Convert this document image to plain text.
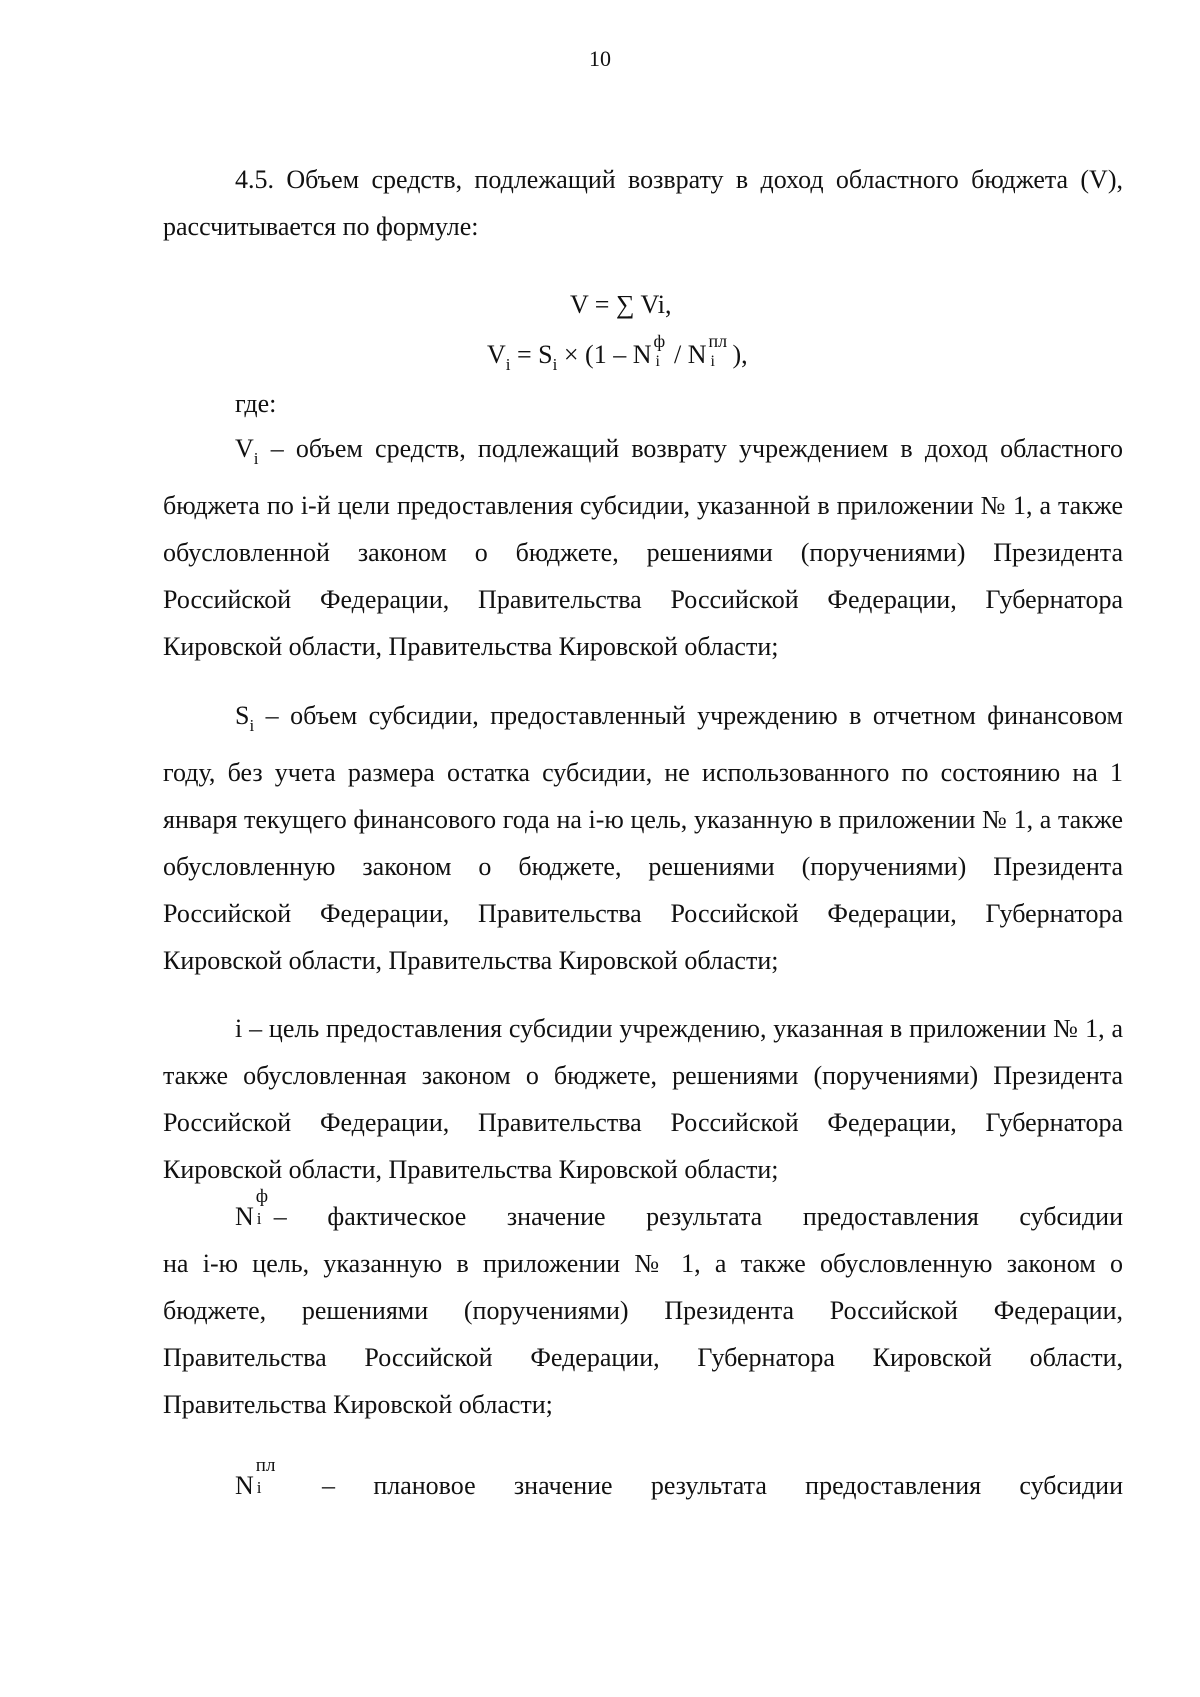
10

4.5. Объем средств, подлежащий возврату в доход областного бюджета (V), рассчитывается по формуле:

V = ∑ Vi,
$V_i = S_i \times (1 - N$ ф
i / N пл
i ),

где:

$V_i$ – объем средств, подлежащий возврату учреждением в доход областного бюджета по i-й цели предоставления субсидии, указанной в приложении № 1, а также обусловленной законом о бюджете, решениями (поручениями) Президента Российской Федерации, Правительства Российской Федерации, Губернатора Кировской области, Правительства Кировской области;

$S_i$ – объем субсидии, предоставленный учреждению в отчетном финансовом году, без учета размера остатка субсидии, не использованного по состоянию на 1 января текущего финансового года на i-ю цель, указанную в приложении № 1, а также обусловленную законом о бюджете, решениями (поручениями) Президента Российской Федерации, Правительства Российской Федерации, Губернатора Кировской области, Правительства Кировской области;

i – цель предоставления субсидии учреждению, указанная в приложении № 1, а также обусловленная законом о бюджете, решениями (поручениями) Президента Российской Федерации, Правительства Российской Федерации, Губернатора Кировской области, Правительства Кировской области;

N
ф
i – фактическое значение результата предоставления субсидии

на i-ю цель, указанную в приложении № 1, а также обусловленную законом о бюджете, решениями (поручениями) Президента Российской Федерации, Правительства Российской Федерации, Губернатора Кировской области, Правительства Кировской области;

N
пл
i – плановое значение результата предоставления субсидии
